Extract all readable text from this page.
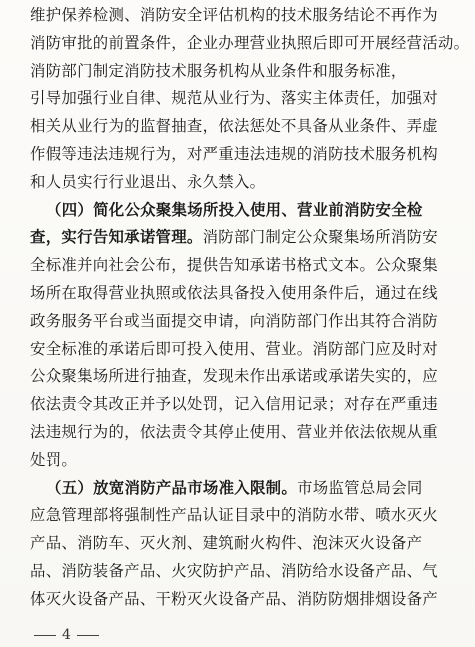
维护保养检测、消防安全评估机构的技术服务结论不再作为
消防审批的前置条件，企业办理营业执照后即可开展经营活动。
消防部门制定消防技术服务机构从业条件和服务标准，
引导加强行业自律、规范从业行为、落实主体责任，加强对
相关从业行为的监督抽查，依法惩处不具备从业条件、弄虚
作假等违法违规行为，对严重违法违规的消防技术服务机构
和人员实行行业退出、永久禁入。
（四）简化公众聚集场所投入使用、营业前消防安全检
查，实行告知承诺管理。消防部门制定公众聚集场所消防安
全标准并向社会公布，提供告知承诺书格式文本。公众聚集
场所在取得营业执照或依法具备投入使用条件后，通过在线
政务服务平台或当面提交申请，向消防部门作出其符合消防
安全标准的承诺后即可投入使用、营业。消防部门应及时对
公众聚集场所进行抽查，发现未作出承诺或承诺失实的，应
依法责令其改正并予以处罚，记入信用记录；对存在严重违
法违规行为的，依法责令其停止使用、营业并依法依规从重
处罚。
（五）放宽消防产品市场准入限制。市场监管总局会同
应急管理部将强制性产品认证目录中的消防水带、喷水灭火
产品、消防车、灭火剂、建筑耐火构件、泡沫灭火设备产
品、消防装备产品、火灾防护产品、消防给水设备产品、气
体灭火设备产品、干粉灭火设备产品、消防防烟排烟设备产
4
